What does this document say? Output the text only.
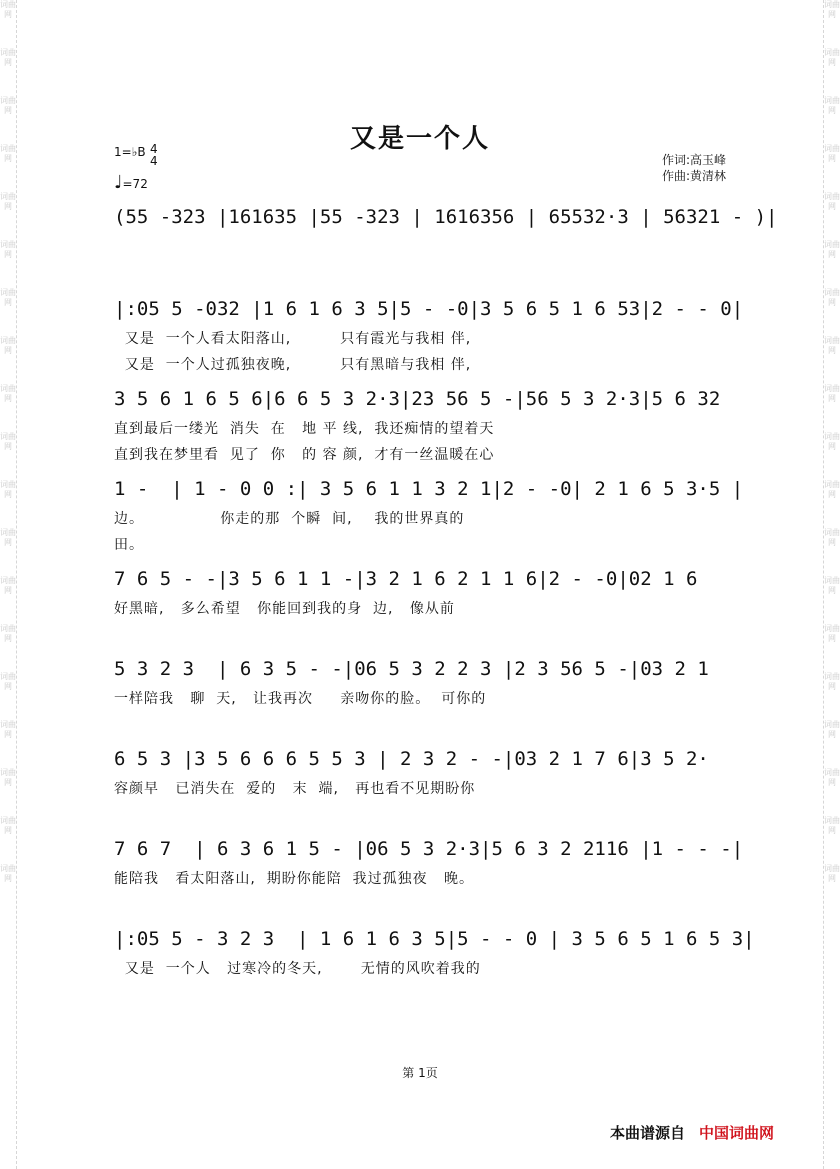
词曲网
词曲网
词曲网
词曲网
词曲网
词曲网
词曲网
词曲网
词曲网
词曲网
词曲网
词曲网
词曲网
词曲网
词曲网
词曲网
词曲网
词曲网
词曲网
词曲网
词曲网
词曲网
词曲网
词曲网
词曲网
词曲网
词曲网
词曲网
词曲网
词曲网
词曲网
词曲网
词曲网
词曲网
词曲网
词曲网
词曲网
词曲网
又是一个人
1=♭B 4
4
♩=72
作词:高玉峰
作曲:黄清林
(55 -323 |161635 |55 -323 | 1616356 | 65532·3 | 56321 - )|
|:05 5 -032 |1 6 1 6 3 5|5 - -0|3 5 6 5 1 6 53|2 - - 0|
又是  一个人看太阳落山,         只有霞光与我相 伴,
又是  一个人过孤独夜晚,         只有黑暗与我相 伴,
3 5 6 1 6 5 6|6 6 5 3 2·3|23 56 5 -|56 5 3 2·3|5 6 32
直到最后一缕光  消失  在   地 平 线,  我还痴情的望着天
直到我在梦里看  见了  你   的 容 颜,  才有一丝温暖在心
1 -  | 1 - 0 0 :| 3 5 6 1 1 3 2 1|2 - -0| 2 1 6 5 3·5 |
边。              你走的那  个瞬  间,    我的世界真的
田。
7 6 5 - -|3 5 6 1 1 -|3 2 1 6 2 1 1 6|2 - -0|02 1 6
好黑暗,   多么希望   你能回到我的身  边,   像从前
5 3 2 3  | 6 3 5 - -|06 5 3 2 2 3 |2 3 56 5 -|03 2 1
一样陪我   聊  天,   让我再次     亲吻你的脸。  可你的
6 5 3 |3 5 6 6 6 5 5 3 | 2 3 2 - -|03 2 1 7 6|3 5 2·
容颜早   已消失在  爱的   末  端,   再也看不见期盼你
7 6 7  | 6 3 6 1 5 - |06 5 3 2·3|5 6 3 2 2116 |1 - - -|
能陪我   看太阳落山,  期盼你能陪  我过孤独夜   晚。
|:05 5 - 3 2 3  | 1 6 1 6 3 5|5 - - 0 | 3 5 6 5 1 6 5 3|
又是  一个人   过寒冷的冬天,       无情的风吹着我的
第 1页
本曲谱源自 中国词曲网
